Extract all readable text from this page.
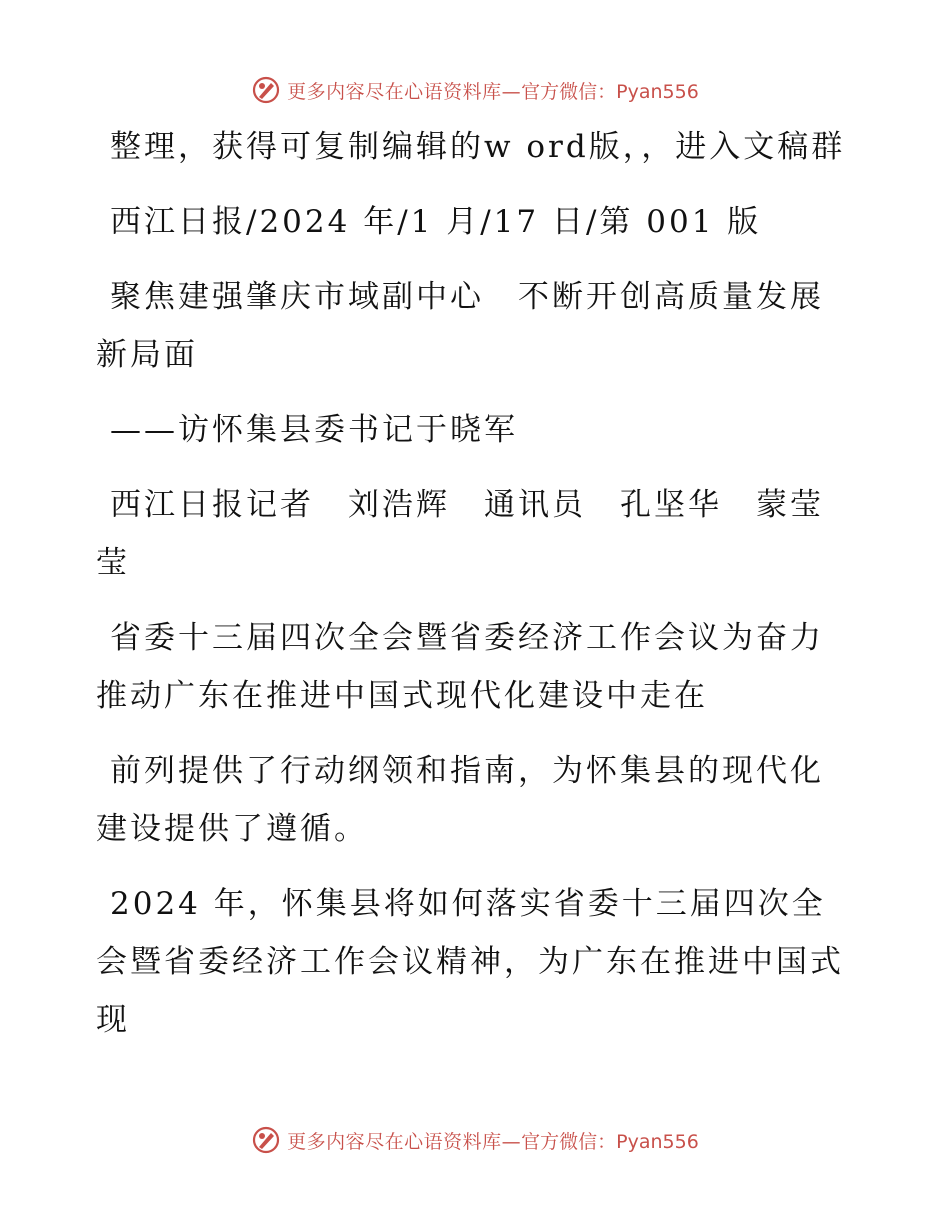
更多内容尽在心语资料库— 官方微信：Pyan556

整理，获得可复制编辑的w ord版，，进入文稿群

西江日报/2024 年/1 月/17 日/第 001 版

聚焦建强肇庆市域副中心　不断开创高质量发展新局面

——访怀集县委书记于晓军

西江日报记者　刘浩辉　通讯员　孔坚华　蒙莹莹

省委十三届四次全会暨省委经济工作会议为奋力推动广东在推进中国式现代化建设中走在

前列提供了行动纲领和指南，为怀集县的现代化建设提供了遵循。

2024 年，怀集县将如何落实省委十三届四次全会暨省委经济工作会议精神，为广东在推进中国式现

更多内容尽在心语资料库— 官方微信：Pyan556
